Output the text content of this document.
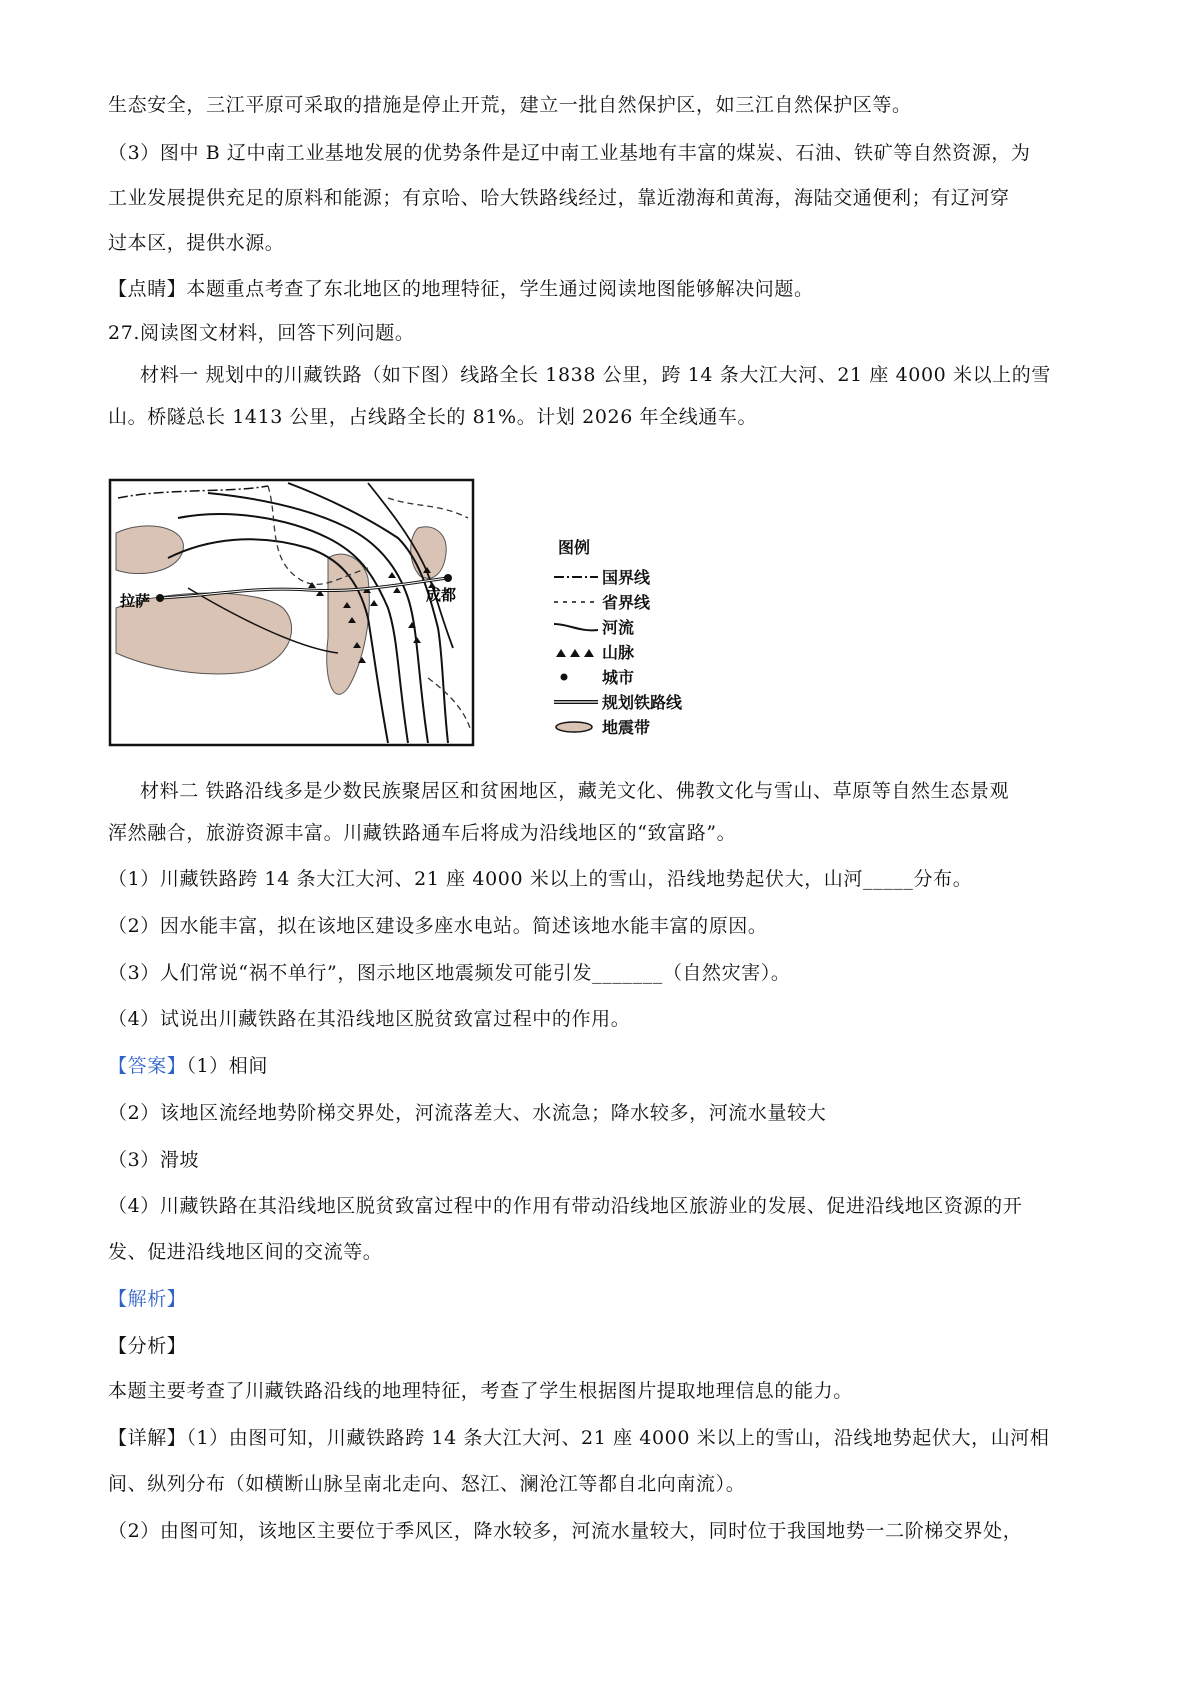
生态安全，三江平原可采取的措施是停止开荒，建立一批自然保护区，如三江自然保护区等。
（3）图中 B 辽中南工业基地发展的优势条件是辽中南工业基地有丰富的煤炭、石油、铁矿等自然资源，为
工业发展提供充足的原料和能源；有京哈、哈大铁路线经过，靠近渤海和黄海，海陆交通便利；有辽河穿
过本区，提供水源。
【点睛】本题重点考查了东北地区的地理特征，学生通过阅读地图能够解决问题。
27.阅读图文材料，回答下列问题。
材料一 规划中的川藏铁路（如下图）线路全长 1838 公里，跨 14 条大江大河、21 座 4000 米以上的雪
山。桥隧总长 1413 公里，占线路全长的 81%。计划 2026 年全线通车。
拉萨	成都
图例
国界线
省界线
河流
山脉
城市
规划铁路线
地震带
材料二 铁路沿线多是少数民族聚居区和贫困地区，藏羌文化、佛教文化与雪山、草原等自然生态景观
浑然融合，旅游资源丰富。川藏铁路通车后将成为沿线地区的“致富路”。
（1）川藏铁路跨 14 条大江大河、21 座 4000 米以上的雪山，沿线地势起伏大，山河_____分布。
（2）因水能丰富，拟在该地区建设多座水电站。简述该地水能丰富的原因。
（3）人们常说“祸不单行”，图示地区地震频发可能引发_______（自然灾害）。
（4）试说出川藏铁路在其沿线地区脱贫致富过程中的作用。
【答案】（1）相间
（2）该地区流经地势阶梯交界处，河流落差大、水流急；降水较多，河流水量较大
（3）滑坡
（4）川藏铁路在其沿线地区脱贫致富过程中的作用有带动沿线地区旅游业的发展、促进沿线地区资源的开
发、促进沿线地区间的交流等。
【解析】
【分析】
本题主要考查了川藏铁路沿线的地理特征，考查了学生根据图片提取地理信息的能力。
【详解】（1）由图可知，川藏铁路跨 14 条大江大河、21 座 4000 米以上的雪山，沿线地势起伏大，山河相
间、纵列分布（如横断山脉呈南北走向、怒江、澜沧江等都自北向南流）。
（2）由图可知，该地区主要位于季风区，降水较多，河流水量较大，同时位于我国地势一二阶梯交界处，
